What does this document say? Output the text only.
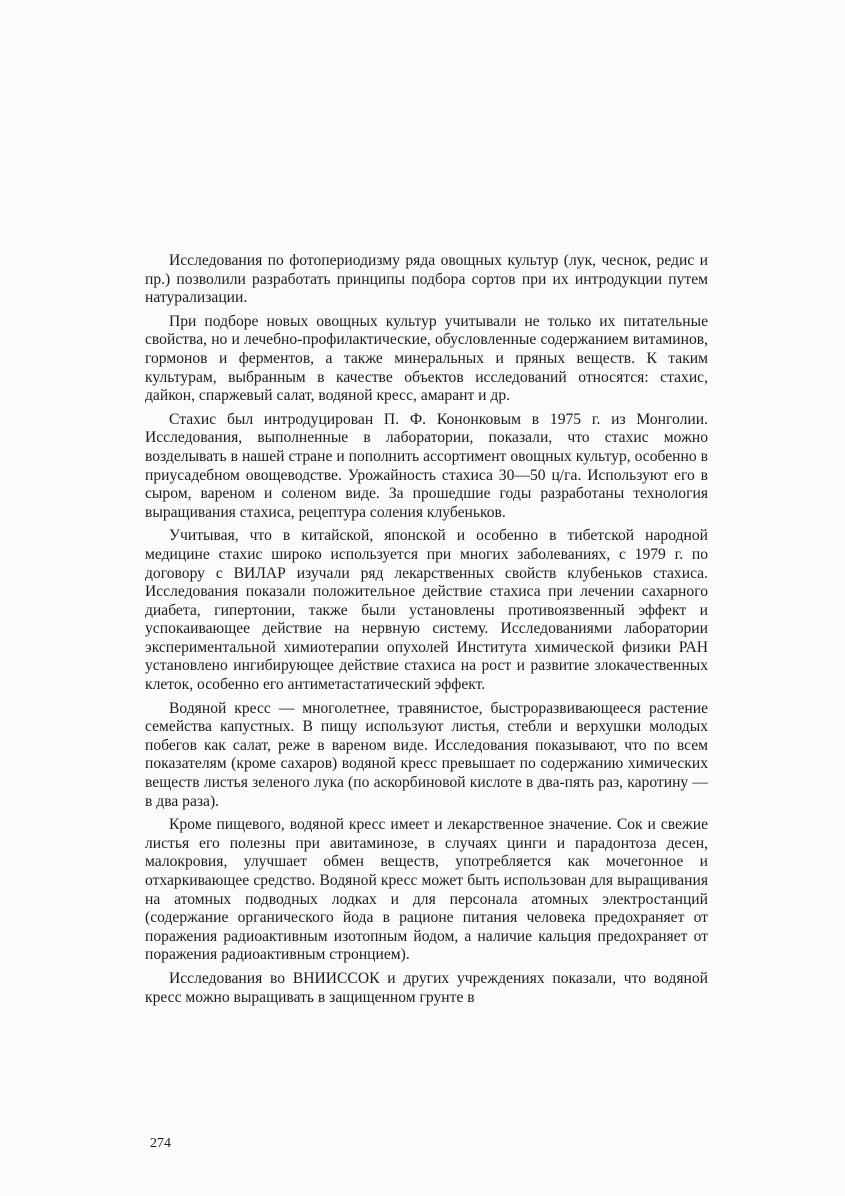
Исследования по фотопериодизму ряда овощных культур (лук, чеснок, редис и пр.) позволили разработать принципы подбора сортов при их интродукции путем натурализации.

При подборе новых овощных культур учитывали не только их питательные свойства, но и лечебно-профилактические, обусловленные содержанием витаминов, гормонов и ферментов, а также минеральных и пряных веществ. К таким культурам, выбранным в качестве объектов исследований относятся: стахис, дайкон, спаржевый салат, водяной кресс, амарант и др.

Стахис был интродуцирован П. Ф. Кононковым в 1975 г. из Монголии. Исследования, выполненные в лаборатории, показали, что стахис можно возделывать в нашей стране и пополнить ассортимент овощных культур, особенно в приусадебном овощеводстве. Урожайность стахиса 30—50 ц/га. Используют его в сыром, вареном и соленом виде. За прошедшие годы разработаны технология выращивания стахиса, рецептура соления клубеньков.

Учитывая, что в китайской, японской и особенно в тибетской народной медицине стахис широко используется при многих заболеваниях, с 1979 г. по договору с ВИЛАР изучали ряд лекарственных свойств клубеньков стахиса. Исследования показали положительное действие стахиса при лечении сахарного диабета, гипертонии, также были установлены противоязвенный эффект и успокаивающее действие на нервную систему. Исследованиями лаборатории экспериментальной химиотерапии опухолей Института химической физики РАН установлено ингибирующее действие стахиса на рост и развитие злокачественных клеток, особенно его антиметастатический эффект.

Водяной кресс — многолетнее, травянистое, быстроразвивающееся растение семейства капустных. В пищу используют листья, стебли и верхушки молодых побегов как салат, реже в вареном виде. Исследования показывают, что по всем показателям (кроме сахаров) водяной кресс превышает по содержанию химических веществ листья зеленого лука (по аскорбиновой кислоте в два-пять раз, каротину — в два раза).

Кроме пищевого, водяной кресс имеет и лекарственное значение. Сок и свежие листья его полезны при авитаминозе, в случаях цинги и парадонтоза десен, малокровия, улучшает обмен веществ, употребляется как мочегонное и отхаркивающее средство. Водяной кресс может быть использован для выращивания на атомных подводных лодках и для персонала атомных электростанций (содержание органического йода в рационе питания человека предохраняет от поражения радиоактивным изотопным йодом, а наличие кальция предохраняет от поражения радиоактивным стронцием).

Исследования во ВНИИССОК и других учреждениях показали, что водяной кресс можно выращивать в защищенном грунте в

274
